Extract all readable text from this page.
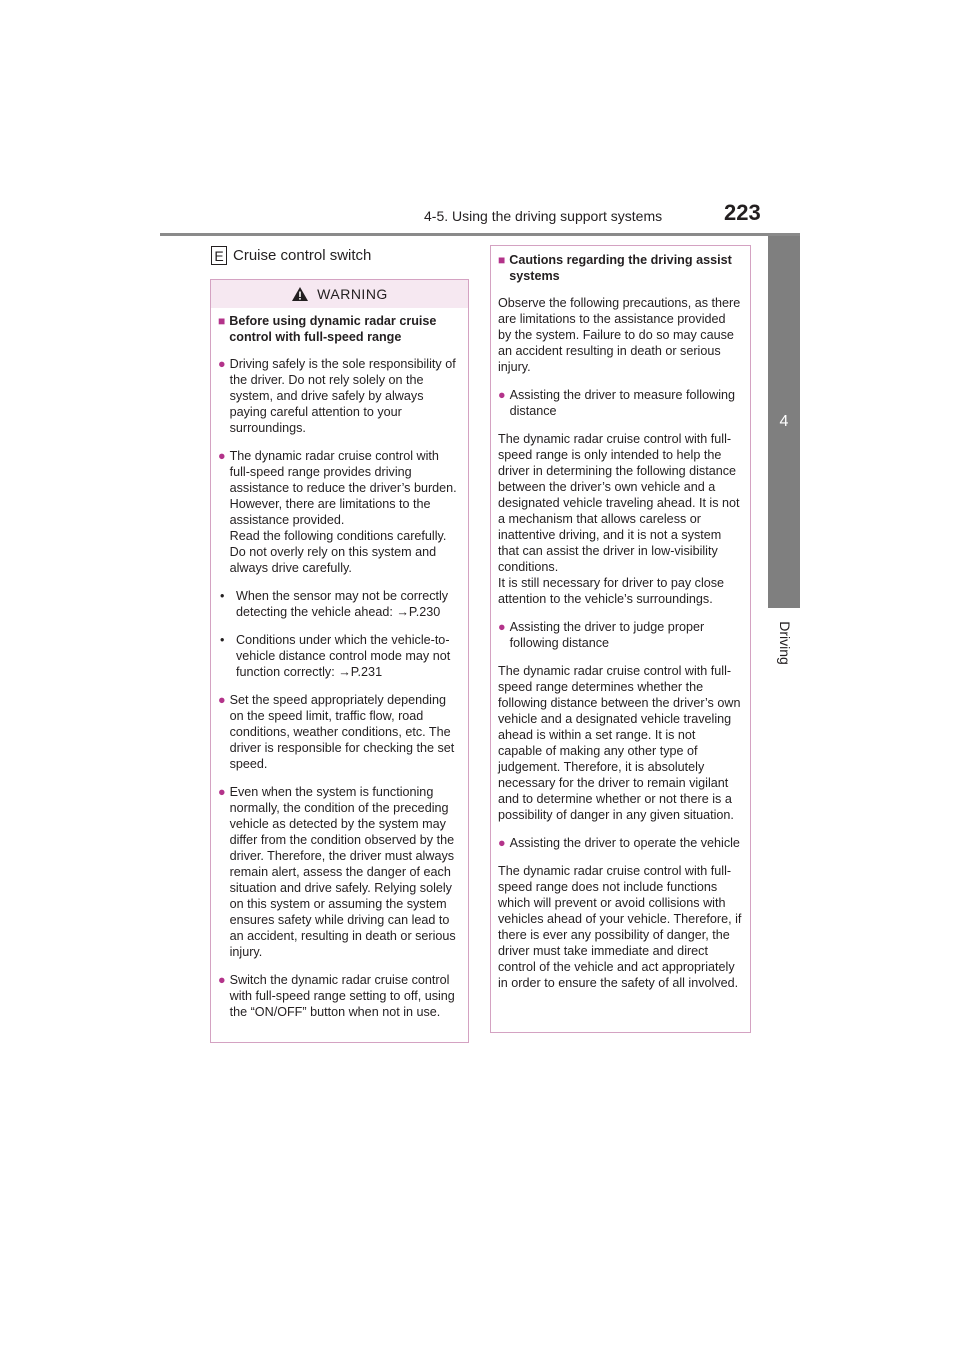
4-5. Using the driving support systems	223
4
Driving
E Cruise control switch
WARNING
■ Before using dynamic radar cruise control with full-speed range
● Driving safely is the sole responsibility of the driver. Do not rely solely on the system, and drive safely by always paying careful attention to your surroundings.
● The dynamic radar cruise control with full-speed range provides driving assistance to reduce the driver’s burden. However, there are limitations to the assistance provided.
Read the following conditions carefully. Do not overly rely on this system and always drive carefully.
• When the sensor may not be correctly detecting the vehicle ahead: →P.230
• Conditions under which the vehicle-to-vehicle distance control mode may not function correctly: →P.231
● Set the speed appropriately depending on the speed limit, traffic flow, road conditions, weather conditions, etc. The driver is responsible for checking the set speed.
● Even when the system is functioning normally, the condition of the preceding vehicle as detected by the system may differ from the condition observed by the driver. Therefore, the driver must always remain alert, assess the danger of each situation and drive safely. Relying solely on this system or assuming the system ensures safety while driving can lead to an accident, resulting in death or serious injury.
● Switch the dynamic radar cruise control with full-speed range setting to off, using the “ON/OFF” button when not in use.
■ Cautions regarding the driving assist systems
Observe the following precautions, as there are limitations to the assistance provided by the system. Failure to do so may cause an accident resulting in death or serious injury.
● Assisting the driver to measure following distance
The dynamic radar cruise control with full-speed range is only intended to help the driver in determining the following distance between the driver’s own vehicle and a designated vehicle traveling ahead. It is not a mechanism that allows careless or inattentive driving, and it is not a system that can assist the driver in low-visibility conditions.
It is still necessary for driver to pay close attention to the vehicle’s surroundings.
● Assisting the driver to judge proper following distance
The dynamic radar cruise control with full-speed range determines whether the following distance between the driver’s own vehicle and a designated vehicle traveling ahead is within a set range. It is not capable of making any other type of judgement. Therefore, it is absolutely necessary for the driver to remain vigilant and to determine whether or not there is a possibility of danger in any given situation.
● Assisting the driver to operate the vehicle
The dynamic radar cruise control with full-speed range does not include functions which will prevent or avoid collisions with vehicles ahead of your vehicle. Therefore, if there is ever any possibility of danger, the driver must take immediate and direct control of the vehicle and act appropriately in order to ensure the safety of all involved.
